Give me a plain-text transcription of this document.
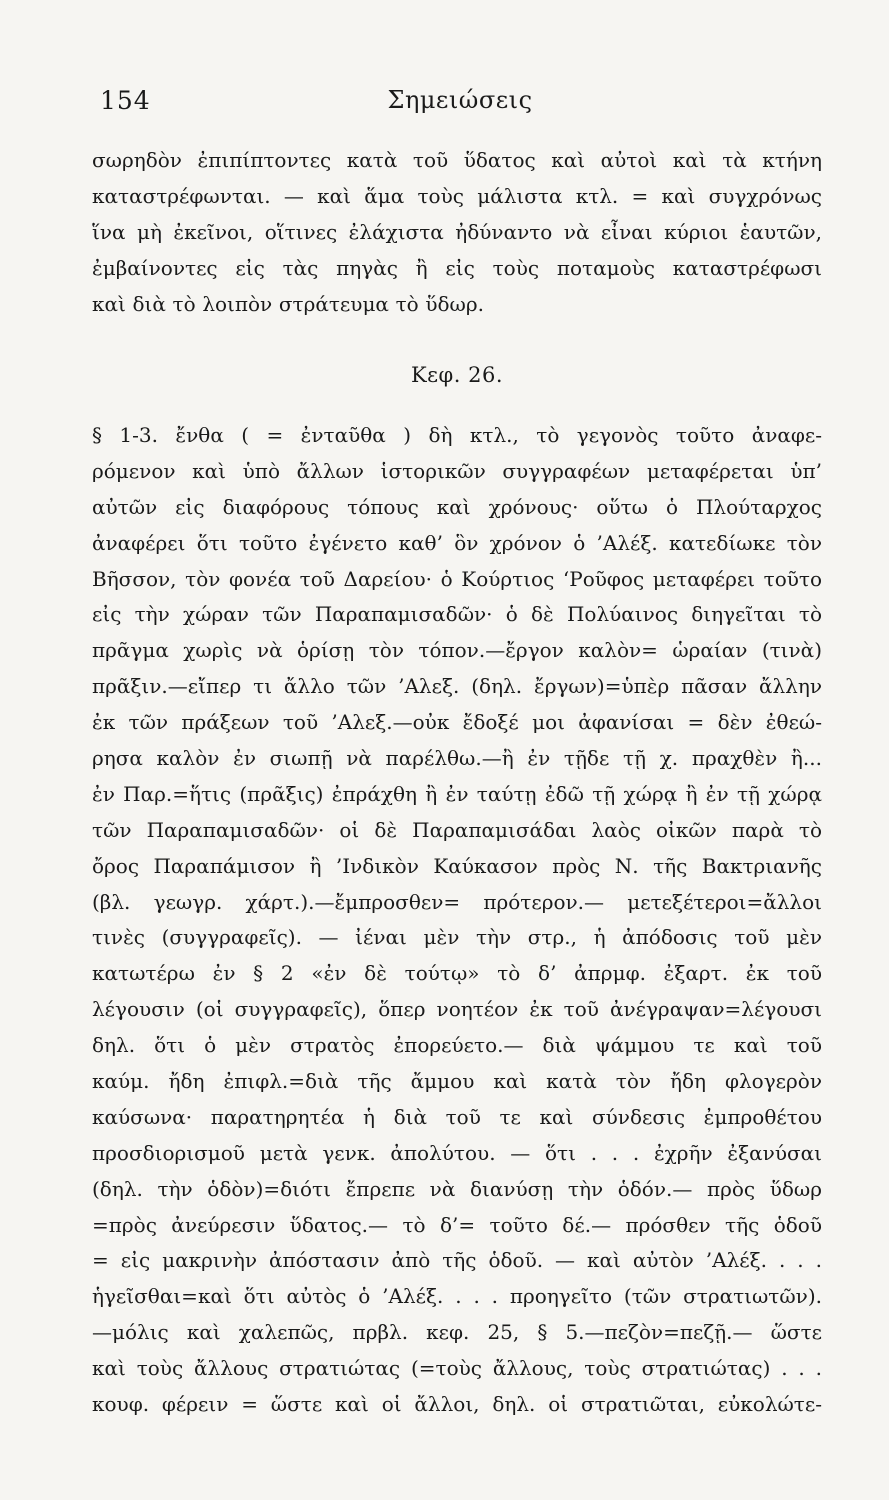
154	Σημειώσεις
σωρηδὸν ἐπιπίπτοντες κατὰ τοῦ ὕδατος καὶ αὐτοὶ καὶ τὰ κτήνη
καταστρέφωνται. — καὶ ἅμα τοὺς μάλιστα κτλ. = καὶ συγχρόνως
ἵνα μὴ ἐκεῖνοι, οἵτινες ἐλάχιστα ἠδύναντο νὰ εἶναι κύριοι ἑαυτῶν,
ἐμβαίνοντες εἰς τὰς πηγὰς ἢ εἰς τοὺς ποταμοὺς καταστρέφωσι
καὶ διὰ τὸ λοιπὸν στράτευμα τὸ ὕδωρ.
Κεφ. 26.
§ 1-3. ἔνθα ( = ἐνταῦθα ) δὴ κτλ., τὸ γεγονὸς τοῦτο ἀναφε-
ρόμενον καὶ ὑπὸ ἄλλων ἱστορικῶν συγγραφέων μεταφέρεται ὑπ’
αὐτῶν εἰς διαφόρους τόπους καὶ χρόνους· οὕτω ὁ Πλούταρχος
ἀναφέρει ὅτι τοῦτο ἐγένετο καθ’ ὃν χρόνον ὁ ’Αλέξ. κατεδίωκε τὸν
Βῆσσον, τὸν φονέα τοῦ Δαρείου· ὁ Κούρτιος ‘Ροῦφος μεταφέρει τοῦτο
εἰς τὴν χώραν τῶν Παραπαμισαδῶν· ὁ δὲ Πολύαινος διηγεῖται τὸ
πρᾶγμα χωρὶς νὰ ὁρίσῃ τὸν τόπον.—ἔργον καλὸν= ὡραίαν (τινὰ)
πρᾶξιν.—εἴπερ τι ἄλλο τῶν ’Αλεξ. (δηλ. ἔργων)=ὑπὲρ πᾶσαν ἄλλην
ἐκ τῶν πράξεων τοῦ ’Αλεξ.—οὐκ ἔδοξέ μοι ἀφανίσαι = δὲν ἐθεώ-
ρησα καλὸν ἐν σιωπῇ νὰ παρέλθω.—ἢ ἐν τῇδε τῇ χ. πραχθὲν ἢ...
ἐν Παρ.=ἥτις (πρᾶξις) ἐπράχθη ἢ ἐν ταύτῃ ἐδῶ τῇ χώρᾳ ἢ ἐν τῇ χώρᾳ
τῶν Παραπαμισαδῶν· οἱ δὲ Παραπαμισάδαι λαὸς οἰκῶν παρὰ τὸ
ὄρος Παραπάμισον ἢ ’Ινδικὸν Καύκασον πρὸς Ν. τῆς Βακτριανῆς
(βλ. γεωγρ. χάρτ.).—ἔμπροσθεν= πρότερον.— μετεξέτεροι=ἄλλοι
τινὲς (συγγραφεῖς). — ἰέναι μὲν τὴν στρ., ἡ ἀπόδοσις τοῦ μὲν
κατωτέρω ἐν § 2 «ἐν δὲ τούτῳ» τὸ δ’ ἀπρμφ. ἐξαρτ. ἐκ τοῦ
λέγουσιν (οἱ συγγραφεῖς), ὅπερ νοητέον ἐκ τοῦ ἀνέγραψαν=λέγουσι
δηλ. ὅτι ὁ μὲν στρατὸς ἐπορεύετο.— διὰ ψάμμου τε καὶ τοῦ
καύμ. ἤδη ἐπιφλ.=διὰ τῆς ἄμμου καὶ κατὰ τὸν ἤδη φλογερὸν
καύσωνα· παρατηρητέα ἡ διὰ τοῦ τε καὶ σύνδεσις ἐμπροθέτου
προσδιορισμοῦ μετὰ γενκ. ἀπολύτου. — ὅτι . . . ἐχρῆν ἐξανύσαι
(δηλ. τὴν ὁδὸν)=διότι ἔπρεπε νὰ διανύσῃ τὴν ὁδόν.— πρὸς ὕδωρ
=πρὸς ἀνεύρεσιν ὕδατος.— τὸ δ’= τοῦτο δέ.— πρόσθεν τῆς ὁδοῦ
= εἰς μακρινὴν ἀπόστασιν ἀπὸ τῆς ὁδοῦ. — καὶ αὐτὸν ’Αλέξ. . . .
ἡγεῖσθαι=καὶ ὅτι αὐτὸς ὁ ’Αλέξ. . . . προηγεῖτο (τῶν στρατιωτῶν).
—μόλις καὶ χαλεπῶς, πρβλ. κεφ. 25, § 5.—πεζὸν=πεζῇ.— ὥστε
καὶ τοὺς ἄλλους στρατιώτας (=τοὺς ἄλλους, τοὺς στρατιώτας) . . .
κουφ. φέρειν = ὥστε καὶ οἱ ἄλλοι, δηλ. οἱ στρατιῶται, εὐκολώτε-
